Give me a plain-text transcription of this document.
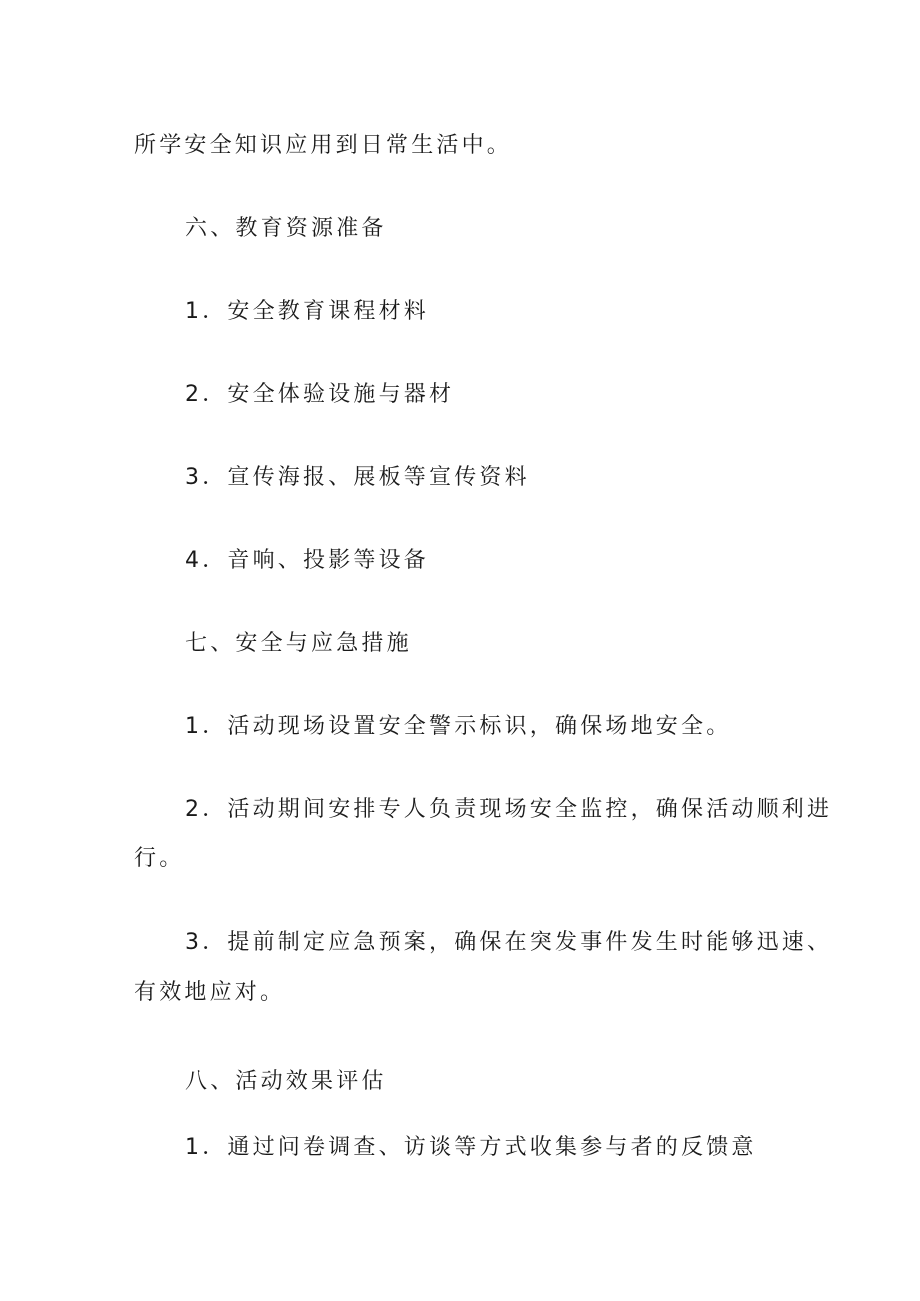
所学安全知识应用到日常生活中。
六、教育资源准备
1．安全教育课程材料
2．安全体验设施与器材
3．宣传海报、展板等宣传资料
4．音响、投影等设备
七、安全与应急措施
1．活动现场设置安全警示标识，确保场地安全。
2．活动期间安排专人负责现场安全监控，确保活动顺利进
行。
3．提前制定应急预案，确保在突发事件发生时能够迅速、
有效地应对。
八、活动效果评估
1．通过问卷调查、访谈等方式收集参与者的反馈意
